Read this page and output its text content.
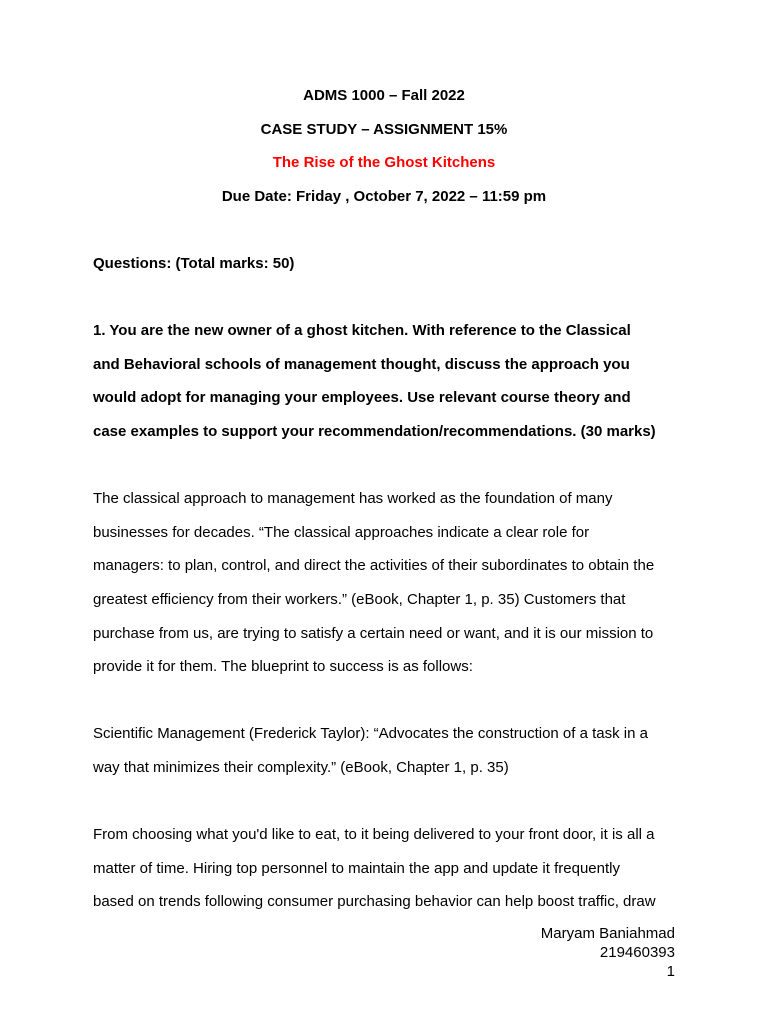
ADMS 1000 – Fall 2022
CASE STUDY – ASSIGNMENT 15%
The Rise of the Ghost Kitchens
Due Date: Friday , October 7, 2022 – 11:59 pm
Questions: (Total marks: 50)
1. You are the new owner of a ghost kitchen. With reference to the Classical
and Behavioral schools of management thought, discuss the approach you
would adopt for managing your employees. Use relevant course theory and
case examples to support your recommendation/recommendations. (30 marks)
The classical approach to management has worked as the foundation of many
businesses for decades. “The classical approaches indicate a clear role for
managers: to plan, control, and direct the activities of their subordinates to obtain the
greatest efficiency from their workers.” (eBook, Chapter 1, p. 35) Customers that
purchase from us, are trying to satisfy a certain need or want, and it is our mission to
provide it for them. The blueprint to success is as follows:
Scientific Management (Frederick Taylor): “Advocates the construction of a task in a
way that minimizes their complexity.” (eBook, Chapter 1, p. 35)
From choosing what you'd like to eat, to it being delivered to your front door, it is all a
matter of time. Hiring top personnel to maintain the app and update it frequently
based on trends following consumer purchasing behavior can help boost traffic, draw
Maryam Baniahmad
219460393
1
